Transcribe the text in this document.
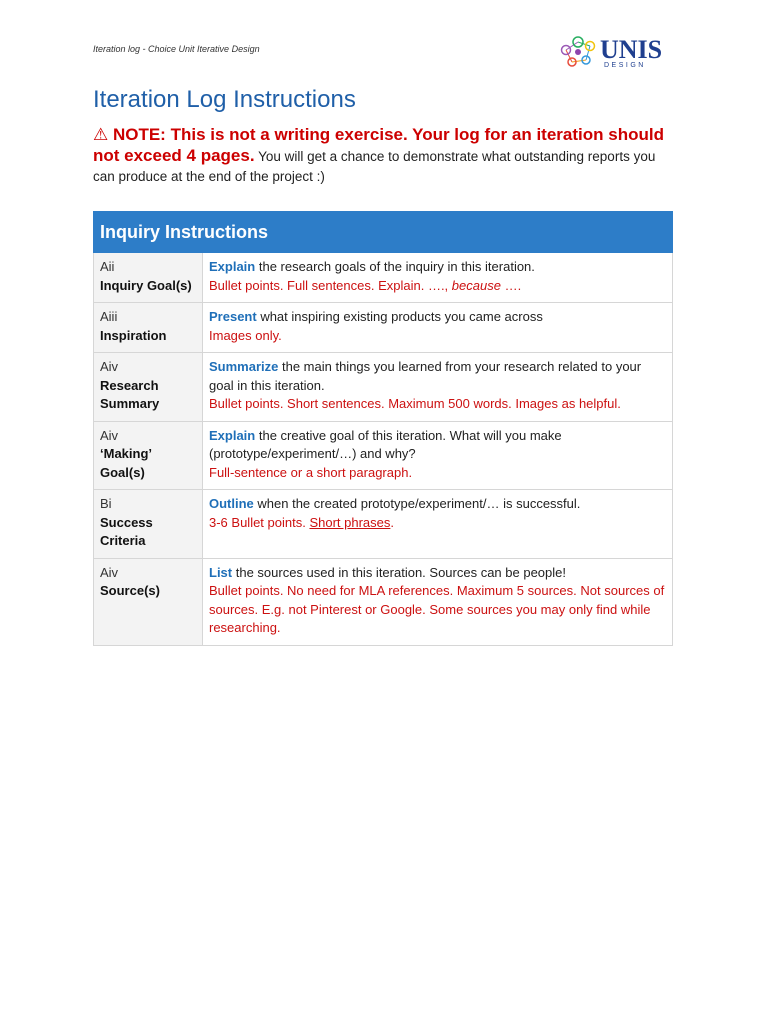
Iteration log - Choice Unit Iterative Design	UNIS
DESIGN
Iteration Log Instructions
⚠ NOTE: This is not a writing exercise. Your log for an iteration should not exceed 4 pages. You will get a chance to demonstrate what outstanding reports you can produce at the end of the project :)
Inquiry Instructions	

Aii
Inquiry Goal(s)	Explain the research goals of the inquiry in this iteration.
Bullet points. Full sentences. Explain. …., because ….

Aiii
Inspiration	Present what inspiring existing products you came across
Images only.

Aiv
Research Summary	Summarize the main things you learned from your research related to your goal in this iteration.
Bullet points. Short sentences. Maximum 500 words. Images as helpful.

Aiv
‘Making’ Goal(s)	Explain the creative goal of this iteration. What will you make (prototype/experiment/…) and why?
Full-sentence or a short paragraph.

Bi
Success Criteria	Outline when the created prototype/experiment/… is successful.
3-6 Bullet points. Short phrases.

Aiv
Source(s)	List the sources used in this iteration. Sources can be people!
Bullet points. No need for MLA references. Maximum 5 sources. Not sources of sources. E.g. not Pinterest or Google. Some sources you may only find while researching.
